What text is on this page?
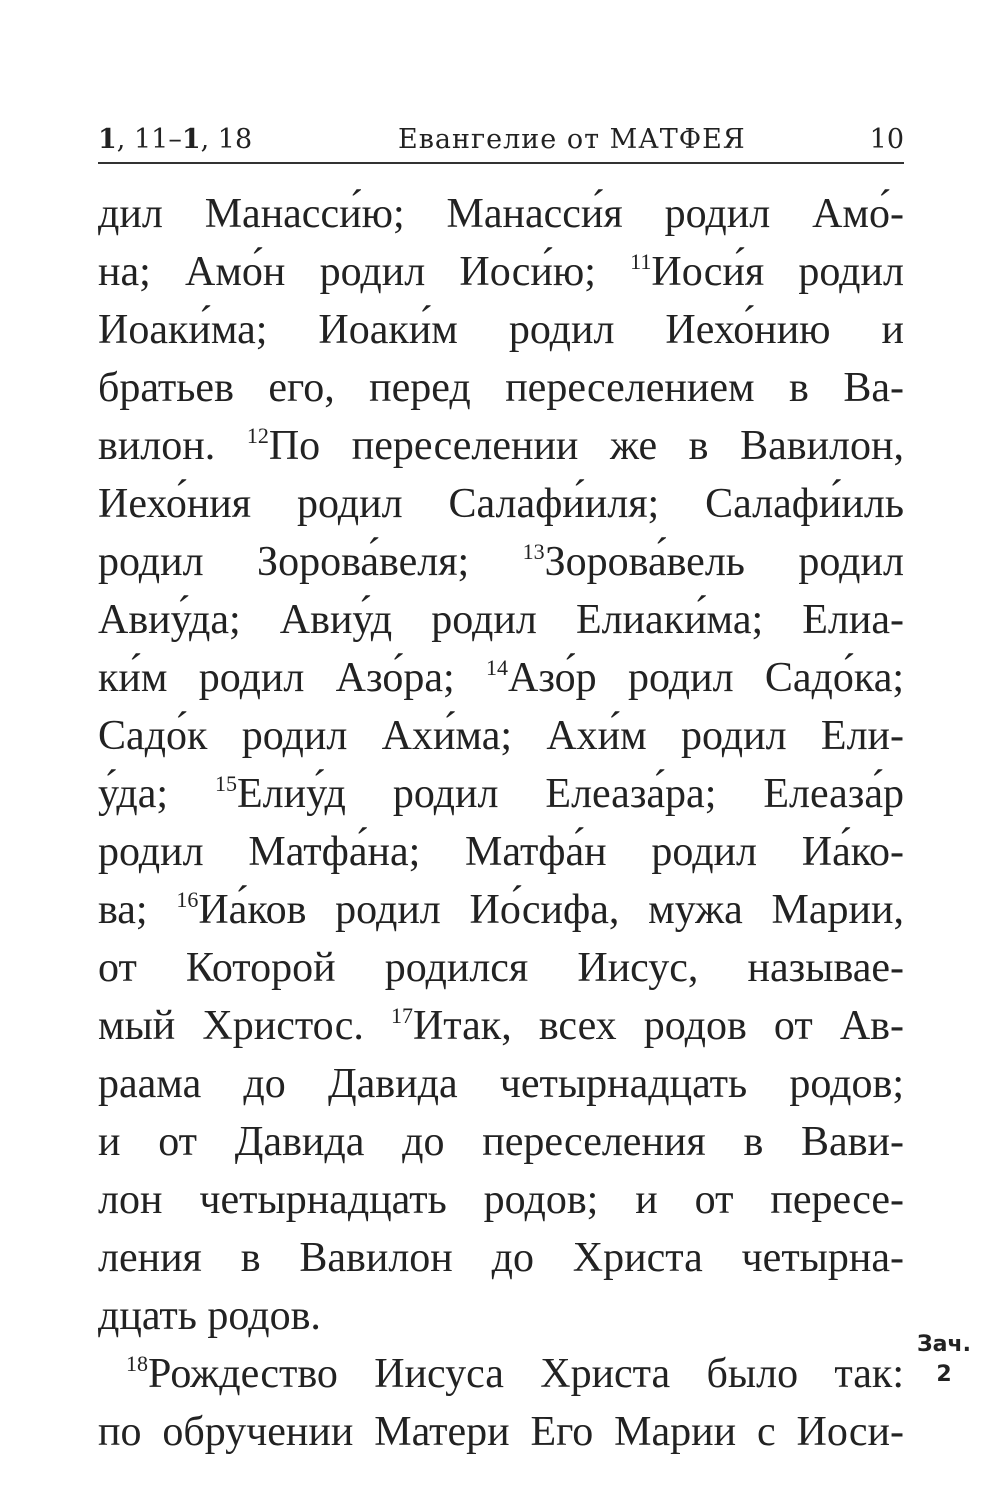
1, 11–1, 18	Евангелие от МАТФЕЯ	10
дил Манасси́ю; Манасси́я родил Амо́-
на; Амо́н родил Иоси́ю; $^{11}$Иоси́я родил
Иоаки́ма; Иоаки́м родил Иехо́нию и
братьев его, перед переселением в Ва-
вилон. $^{12}$По переселении же в Вавилон,
Иехо́ния родил Салафи́иля; Салафи́иль
родил Зорова́веля; $^{13}$Зорова́вель родил
Авиу́да; Авиу́д родил Елиаки́ма; Елиа-
ки́м родил Азо́ра; $^{14}$Азо́р родил Садо́ка;
Садо́к родил Ахи́ма; Ахи́м родил Ели-
у́да; $^{15}$Елиу́д родил Елеаза́ра; Елеаза́р
родил Матфа́на; Матфа́н родил Иа́ко-
ва; $^{16}$Иа́ков родил Ио́сифа, мужа Марии,
от Которой родился Иисус, называе-
мый Христос. $^{17}$Итак, всех родов от Ав-
раама до Давида четырнадцать родов;
и от Давида до переселения в Вави-
лон четырнадцать родов; и от пересе-
ления в Вавилон до Христа четырна-
дцать родов.
$^{18}$Рождество Иисуса Христа было так:
по обручении Матери Его Марии с Иоси-
Зач.
2
